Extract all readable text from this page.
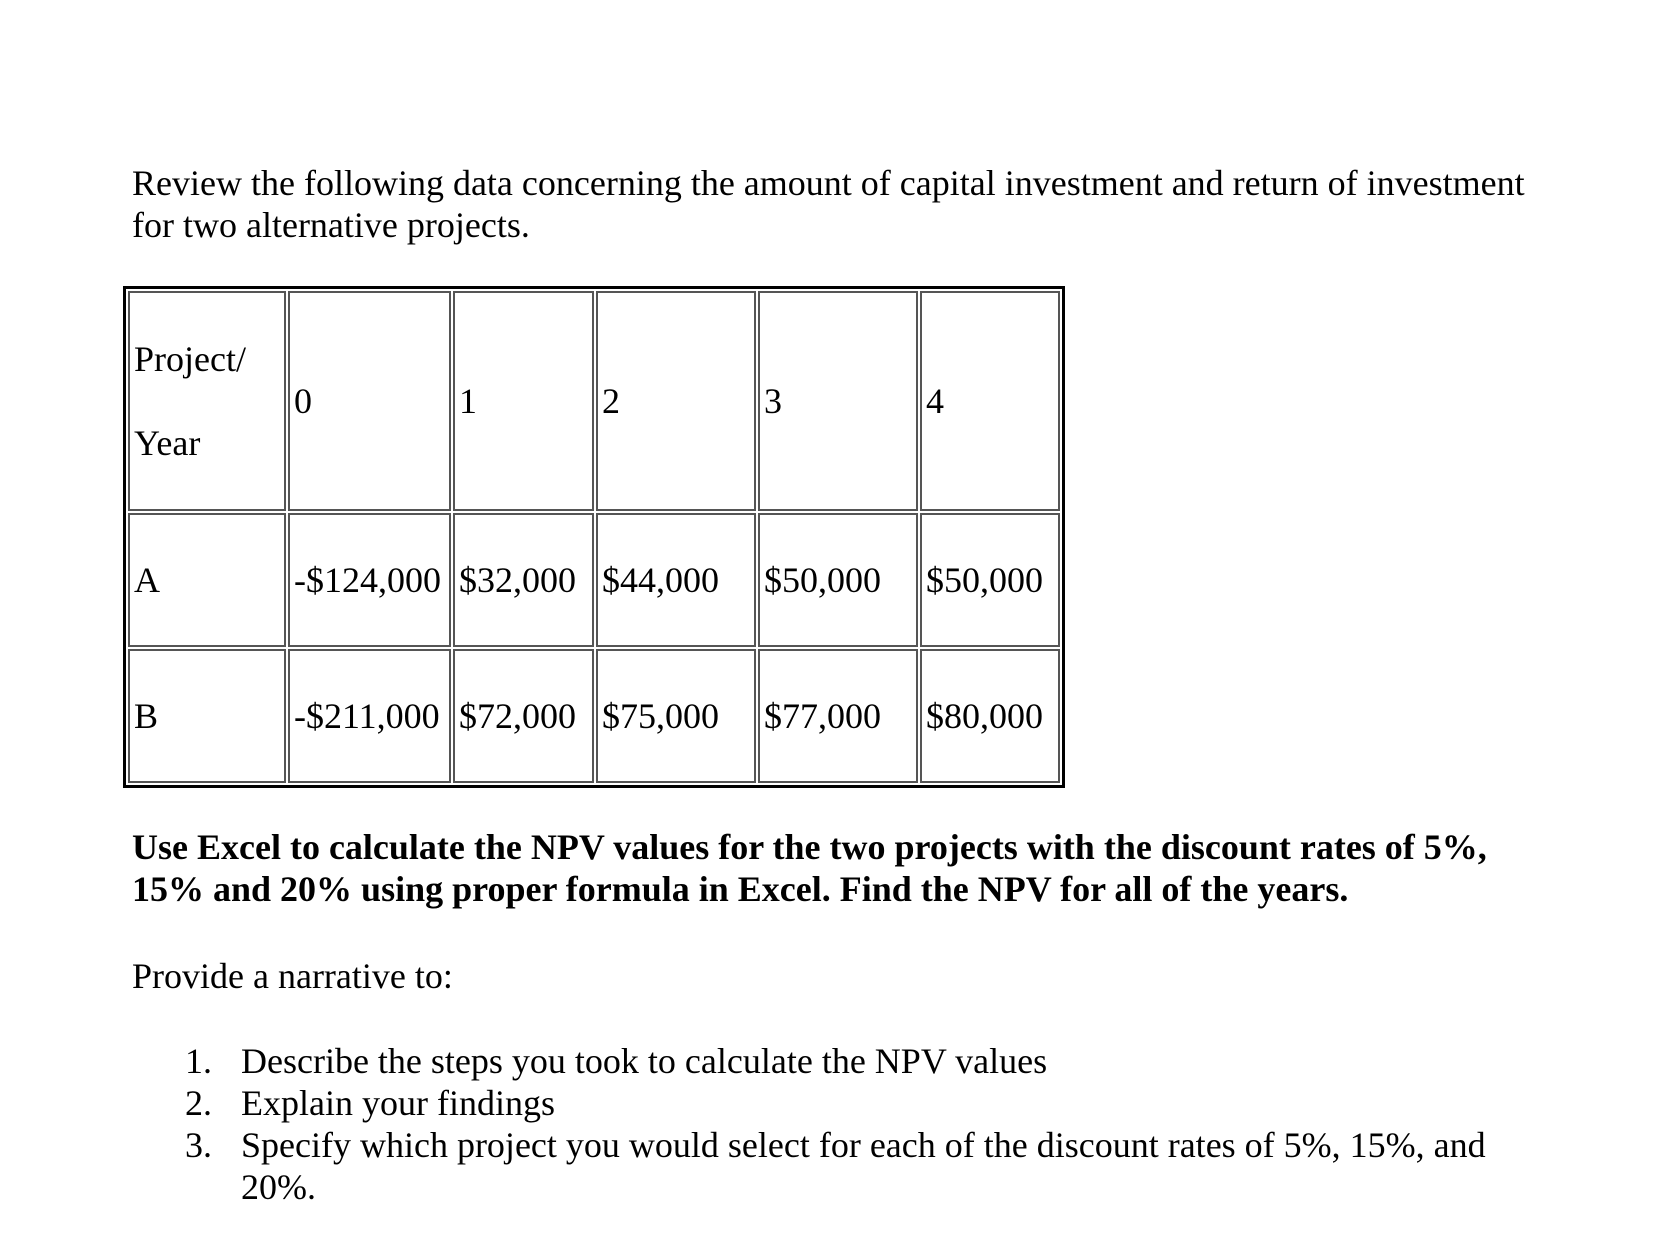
Review the following data concerning the amount of capital investment and return of investment for two alternative projects.

Project/
Year	0	1	2	3	4
A	-$124,000	$32,000	$44,000	$50,000	$50,000
B	-$211,000	$72,000	$75,000	$77,000	$80,000

Use Excel to calculate the NPV values for the two projects with the discount rates of 5%, 15% and 20% using proper formula in Excel. Find the NPV for all of the years.

Provide a narrative to:

1. Describe the steps you took to calculate the NPV values
2. Explain your findings
3. Specify which project you would select for each of the discount rates of 5%, 15%, and 20%.
